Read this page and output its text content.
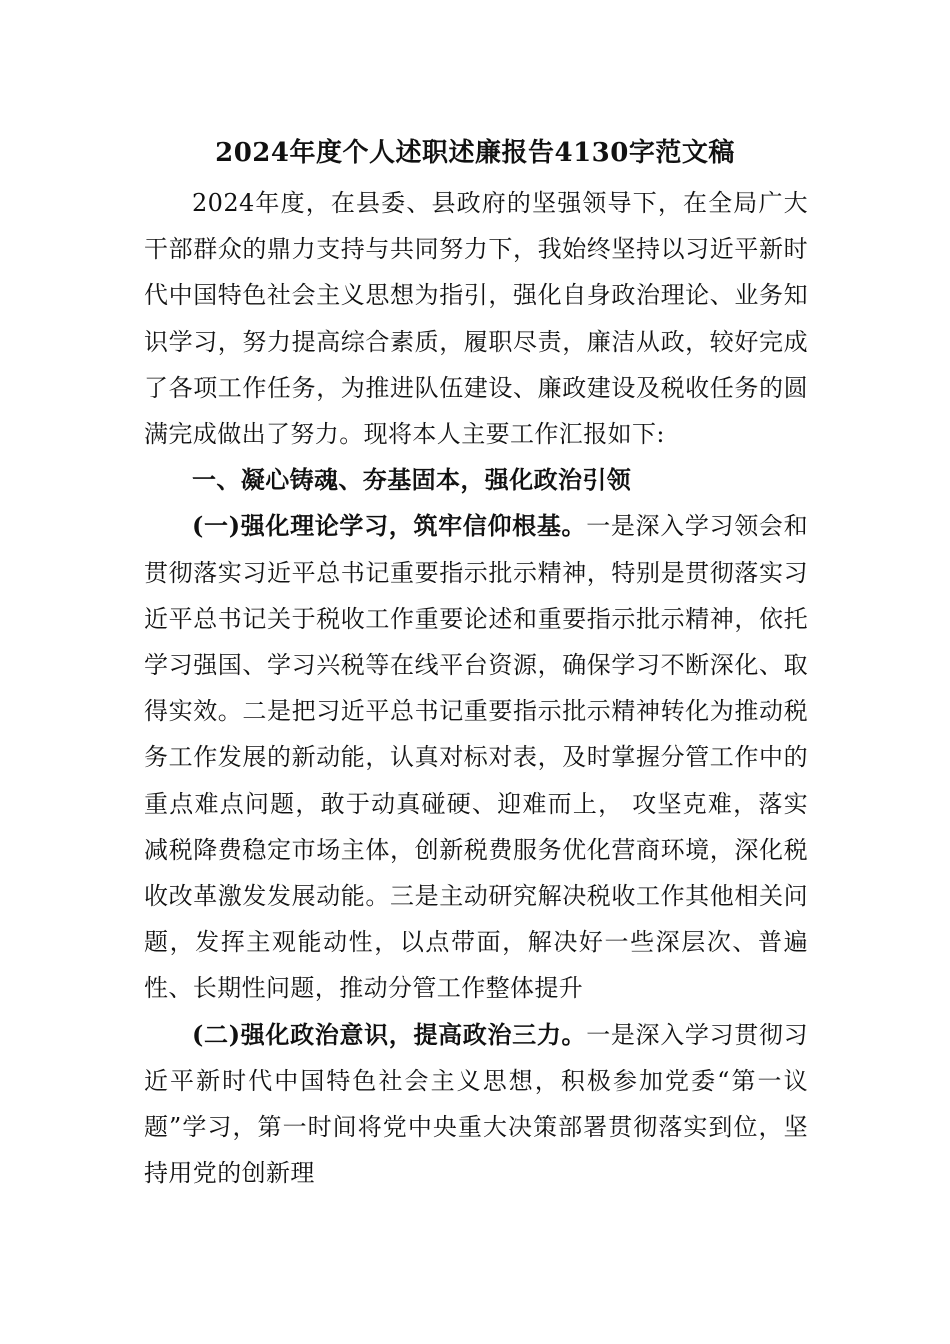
2024年度个人述职述廉报告4130字范文稿

2024年度，在县委、县政府的坚强领导下，在全局广大干部群众的鼎力支持与共同努力下，我始终坚持以习近平新时代中国特色社会主义思想为指引，强化自身政治理论、业务知识学习，努力提高综合素质，履职尽责，廉洁从政，较好完成了各项工作任务，为推进队伍建设、廉政建设及税收任务的圆满完成做出了努力。现将本人主要工作汇报如下:

一、凝心铸魂、夯基固本，强化政治引领

(一)强化理论学习，筑牢信仰根基。一是深入学习领会和贯彻落实习近平总书记重要指示批示精神，特别是贯彻落实习近平总书记关于税收工作重要论述和重要指示批示精神，依托学习强国、学习兴税等在线平台资源，确保学习不断深化、取得实效。二是把习近平总书记重要指示批示精神转化为推动税务工作发展的新动能，认真对标对表，及时掌握分管工作中的重点难点问题，敢于动真碰硬、迎难而上， 攻坚克难，落实减税降费稳定市场主体，创新税费服务优化营商环境，深化税收改革激发发展动能。三是主动研究解决税收工作其他相关问题，发挥主观能动性，以点带面，解决好一些深层次、普遍性、长期性问题，推动分管工作整体提升

(二)强化政治意识，提高政治三力。一是深入学习贯彻习近平新时代中国特色社会主义思想，积极参加党委“第一议题”学习，第一时间将党中央重大决策部署贯彻落实到位，坚持用党的创新理
